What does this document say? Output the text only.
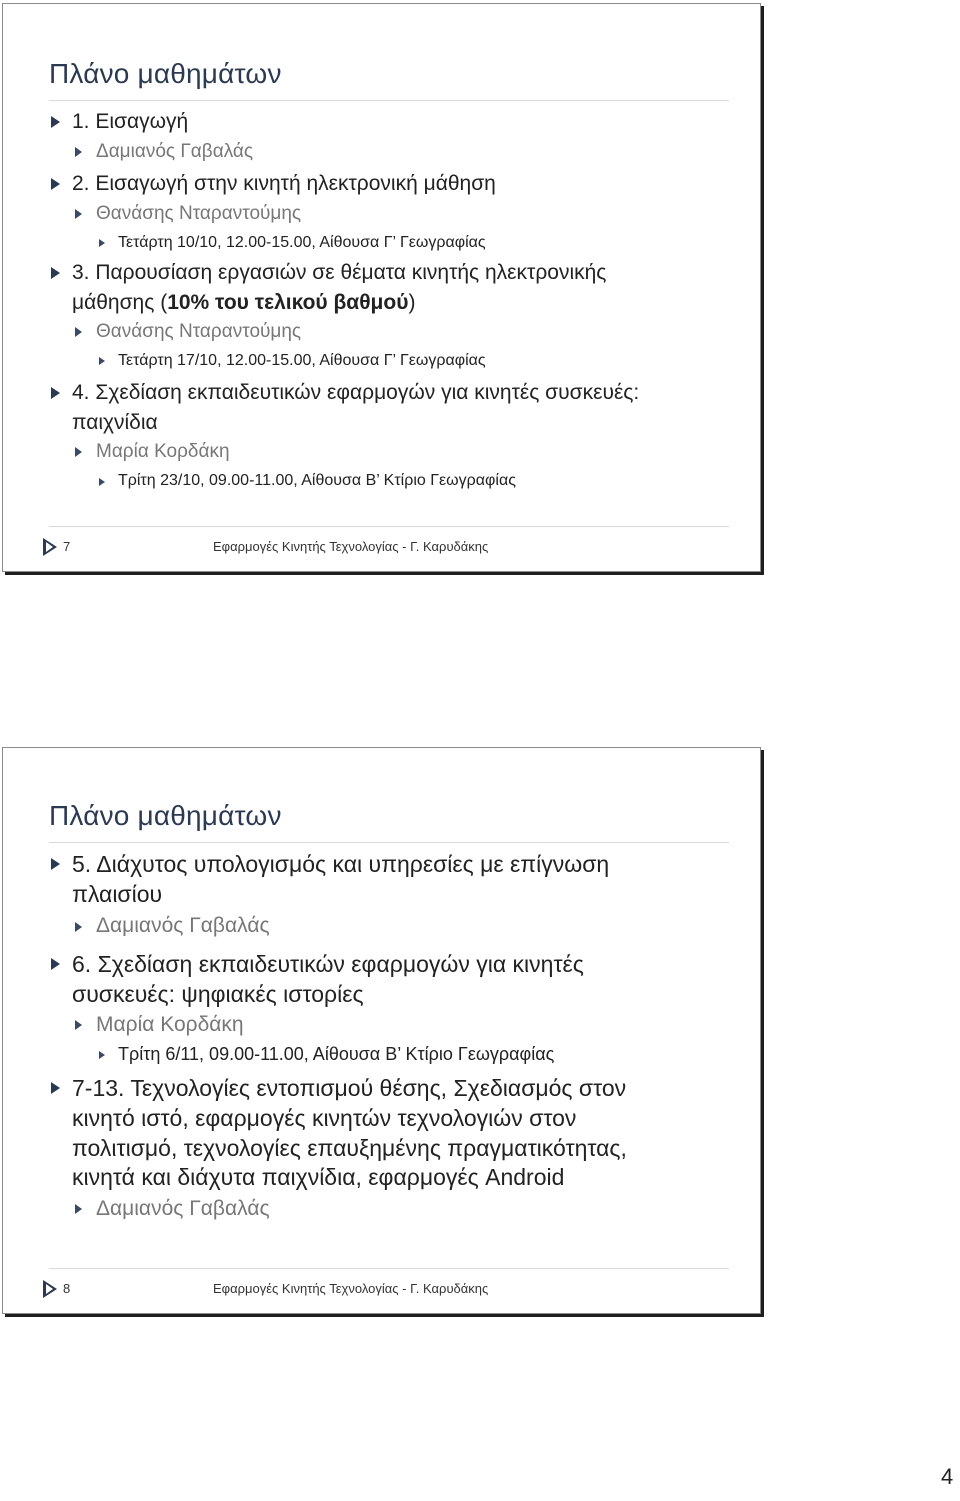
Πλάνο μαθημάτων
1. Εισαγωγή
Δαμιανός Γαβαλάς
2. Εισαγωγή στην κινητή ηλεκτρονική μάθηση
Θανάσης Νταραντούμης
Τετάρτη 10/10, 12.00-15.00, Αίθουσα Γ’ Γεωγραφίας
3. Παρουσίαση εργασιών σε θέματα κινητής ηλεκτρονικής
μάθησης (10% του τελικού βαθμού)
Θανάσης Νταραντούμης
Τετάρτη 17/10, 12.00-15.00, Αίθουσα Γ’ Γεωγραφίας
4. Σχεδίαση εκπαιδευτικών εφαρμογών για κινητές συσκευές:
παιχνίδια
Μαρία Κορδάκη
Τρίτη 23/10, 09.00-11.00, Αίθουσα Β’ Κτίριο Γεωγραφίας
7	Εφαρμογές Κινητής Τεχνολογίας - Γ. Καρυδάκης
Πλάνο μαθημάτων
5. Διάχυτος υπολογισμός και υπηρεσίες με επίγνωση
πλαισίου
Δαμιανός Γαβαλάς
6. Σχεδίαση εκπαιδευτικών εφαρμογών για κινητές
συσκευές: ψηφιακές ιστορίες
Μαρία Κορδάκη
Τρίτη 6/11, 09.00-11.00, Αίθουσα Β’ Κτίριο Γεωγραφίας
7-13. Τεχνολογίες εντοπισμού θέσης, Σχεδιασμός στον
κινητό ιστό, εφαρμογές κινητών τεχνολογιών στον
πολιτισμό, τεχνολογίες επαυξημένης πραγματικότητας,
κινητά και διάχυτα παιχνίδια, εφαρμογές Android
Δαμιανός Γαβαλάς
8	Εφαρμογές Κινητής Τεχνολογίας - Γ. Καρυδάκης
4
